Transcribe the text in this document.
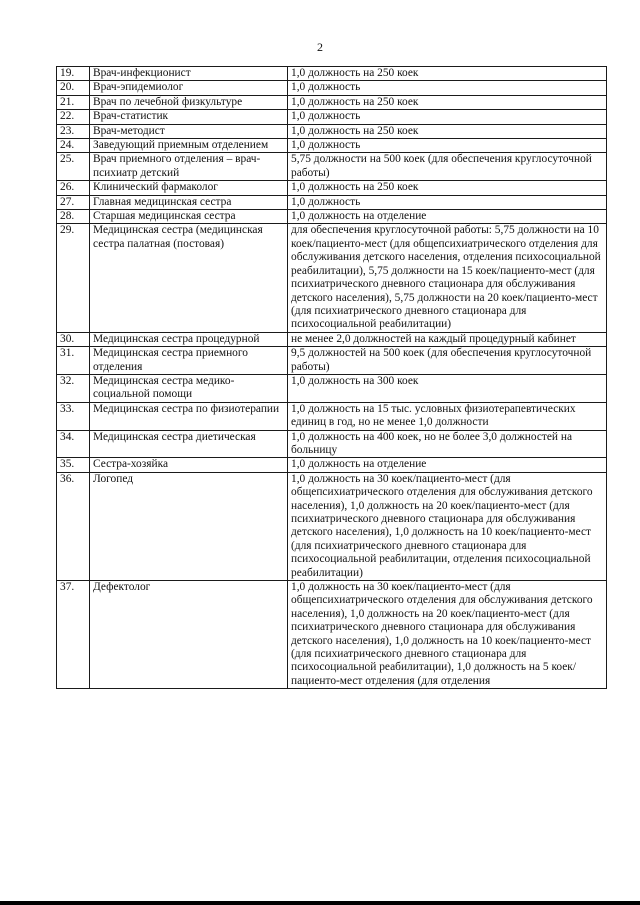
2
19.	Врач-инфекционист	1,0 должность на 250 коек
20.	Врач-эпидемиолог	1,0 должность
21.	Врач по лечебной физкультуре	1,0 должность на 250 коек
22.	Врач-статистик	1,0 должность
23.	Врач-методист	1,0 должность на 250 коек
24.	Заведующий приемным отделением	1,0 должность
25.	Врач приемного отделения – врач-психиатр детский	5,75 должности на 500 коек (для обеспечения круглосуточной работы)
26.	Клинический фармаколог	1,0 должность на 250 коек
27.	Главная медицинская сестра	1,0 должность
28.	Старшая медицинская сестра	1,0 должность на отделение
29.	Медицинская сестра (медицинская сестра палатная (постовая)	для обеспечения круглосуточной работы: 5,75 должности на 10 коек/пациенто-мест (для общепсихиатрического отделения для обслуживания детского населения, отделения психосоциальной реабилитации), 5,75 должности на 15 коек/пациенто-мест (для психиатрического дневного стационара для обслуживания детского населения), 5,75 должности на 20 коек/пациенто-мест (для психиатрического дневного стационара для психосоциальной реабилитации)
30.	Медицинская сестра процедурной	не менее 2,0 должностей на каждый процедурный кабинет
31.	Медицинская сестра приемного отделения	9,5 должностей на 500 коек (для обеспечения круглосуточной работы)
32.	Медицинская сестра медико-социальной помощи	1,0 должность на 300 коек
33.	Медицинская сестра по физиотерапии	1,0 должность на 15 тыс. условных физиотерапевтических единиц в год, но не менее 1,0 должности
34.	Медицинская сестра диетическая	1,0 должность на 400 коек, но не более 3,0 должностей на больницу
35.	Сестра-хозяйка	1,0 должность на отделение
36.	Логопед	1,0 должность на 30 коек/пациенто-мест (для общепсихиатрического отделения для обслуживания детского населения), 1,0 должность на 20 коек/пациенто-мест (для психиатрического дневного стационара для обслуживания детского населения), 1,0 должность на 10 коек/пациенто-мест (для психиатрического дневного стационара для психосоциальной реабилитации, отделения психосоциальной реабилитации)
37.	Дефектолог	1,0 должность на 30 коек/пациенто-мест (для общепсихиатрического отделения для обслуживания детского населения), 1,0 должность на 20 коек/пациенто-мест (для психиатрического дневного стационара для обслуживания детского населения), 1,0 должность на 10 коек/пациенто-мест (для психиатрического дневного стационара для психосоциальной реабилитации), 1,0 должность на 5 коек/пациенто-мест отделения (для отделения
